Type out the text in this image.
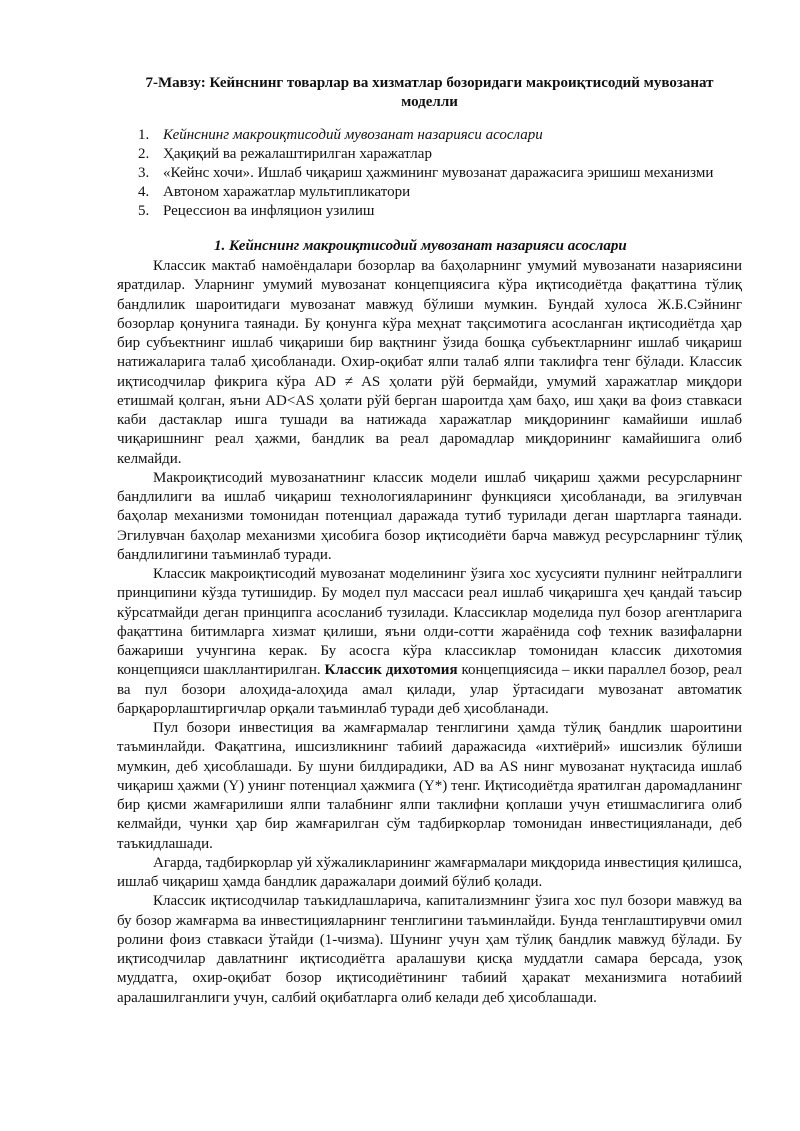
7-Мавзу: Кейнснинг товарлар ва хизматлар бозоридаги макроиқтисодий мувозанат моделли
1. Кейнснинг макроиқтисодий мувозанат назарияси асослари
2. Ҳақиқий ва режалаштирилган харажатлар
3. «Кейнс хочи». Ишлаб чиқариш ҳажмининг мувозанат даражасига эришиш механизми
4. Автоном харажатлар мультипликатори
5. Рецессион ва инфляцион узилиш
1. Кейнснинг макроиқтисодий мувозанат назарияси асослари

Классик мактаб намоёндалари бозорлар ва баҳоларнинг умумий мувозанати назариясини яратдилар. Уларнинг умумий мувозанат концепциясига кўра иқтисодиётда фақаттина тўлиқ бандлилик шароитидаги мувозанат мавжуд бўлиши мумкин. Бундай хулоса Ж.Б.Сэйнинг бозорлар қонунига таянади. Бу қонунга кўра меҳнат тақсимотига асосланган иқтисодиётда ҳар бир субъектнинг ишлаб чиқариши бир вақтнинг ўзида бошқа субъектларнинг ишлаб чиқариш натижаларига талаб ҳисобланади. Охир-оқибат ялпи талаб ялпи таклифга тенг бўлади. Классик иқтисодчилар фикрига кўра AD ≠ AS ҳолати рўй бермайди, умумий харажатлар миқдори етишмай қолган, яъни AD<AS ҳолати рўй берган шароитда ҳам баҳо, иш ҳақи ва фоиз ставкаси каби дастаклар ишга тушади ва натижада харажатлар миқдорининг камайиши ишлаб чиқаришнинг реал ҳажми, бандлик ва реал даромадлар миқдорининг камайишига олиб келмайди.

Макроиқтисодий мувозанатнинг классик модели ишлаб чиқариш ҳажми ресурсларнинг бандлилиги ва ишлаб чиқариш технологияларининг функцияси ҳисобланади, ва эгилувчан баҳолар механизми томонидан потенциал даражада тутиб турилади деган шартларга таянади. Эгилувчан баҳолар механизми ҳисобига бозор иқтисодиёти барча мавжуд ресурсларнинг тўлиқ бандлилигини таъминлаб туради.

Классик макроиқтисодий мувозанат моделининг ўзига хос хусусияти пулнинг нейтраллиги принципини кўзда тутишидир. Бу модел пул массаси реал ишлаб чиқаришга ҳеч қандай таъсир кўрсатмайди деган принципга асосланиб тузилади. Классиклар моделида пул бозор агентларига фақаттина битимларга хизмат қилиши, яъни олди-сотти жараёнида соф техник вазифаларни бажариши учунгина керак. Бу асосга кўра классиклар томонидан классик дихотомия концепцияси шакллантирилган. Классик дихотомия концепциясида – икки параллел бозор, реал ва пул бозори алоҳида-алоҳида амал қилади, улар ўртасидаги мувозанат автоматик барқарорлаштиргичлар орқали таъминлаб туради деб ҳисобланади.

Пул бозори инвестиция ва жамғармалар тенглигини ҳамда тўлиқ бандлик шароитини таъминлайди. Фақатгина, ишсизликнинг табиий даражасида «ихтиёрий» ишсизлик бўлиши мумкин, деб ҳисоблашади. Бу шуни билдирадики, AD ва AS нинг мувозанат нуқтасида ишлаб чиқариш ҳажми (Y) унинг потенциал ҳажмига (Y*) тенг. Иқтисодиётда яратилган даромадланинг бир қисми жамғарилиши ялпи талабнинг ялпи таклифни қоплаши учун етишмаслигига олиб келмайди, чунки ҳар бир жамғарилган сўм тадбиркорлар томонидан инвестицияланади, деб таъкидлашади.

Агарда, тадбиркорлар уй хўжаликларининг жамғармалари миқдорида инвестиция қилишса, ишлаб чиқариш ҳамда бандлик даражалари доимий бўлиб қолади.

Классик иқтисодчилар таъкидлашларича, капитализмнинг ўзига хос пул бозори мавжуд ва бу бозор жамғарма ва инвестицияларнинг тенглигини таъминлайди. Бунда тенглаштирувчи омил ролини фоиз ставкаси ўтайди (1-чизма). Шунинг учун ҳам тўлиқ бандлик мавжуд бўлади. Бу иқтисодчилар давлатнинг иқтисодиётга аралашуви қисқа муддатли самара берсада, узоқ муддатга, охир-оқибат бозор иқтисодиётининг табиий ҳаракат механизмига нотабиий аралашилганлиги учун, салбий оқибатларга олиб келади деб ҳисоблашади.
